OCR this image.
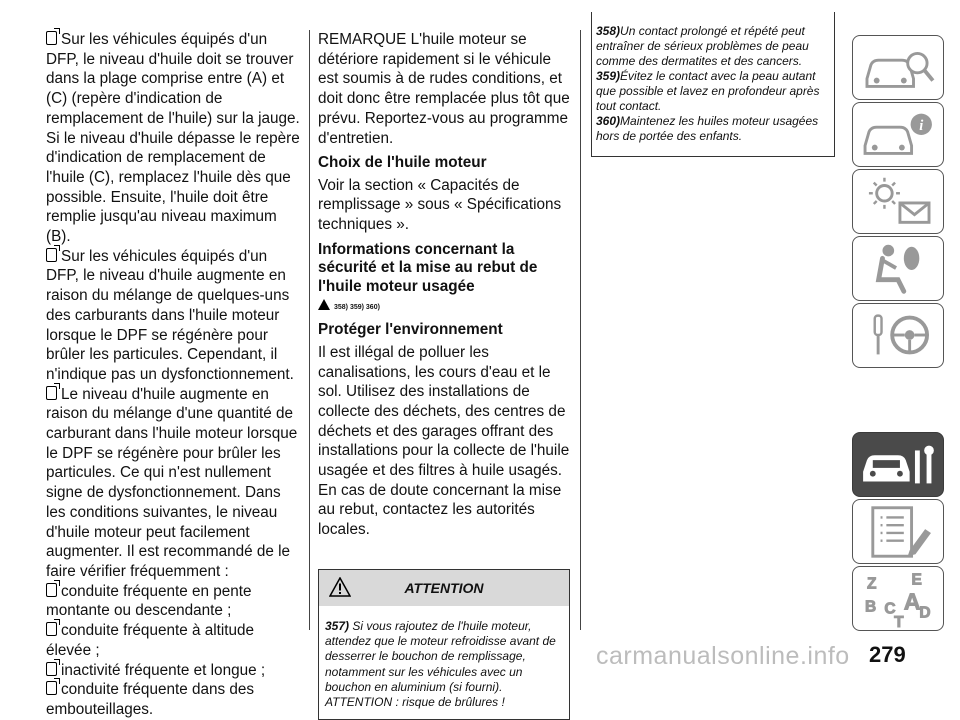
Sur les véhicules équipés d'un DFP, le niveau d'huile doit se trouver dans la plage comprise entre (A) et (C) (repère d'indication de remplacement de l'huile) sur la jauge. Si le niveau d'huile dépasse le repère d'indication de remplacement de l'huile (C), remplacez l'huile dès que possible. Ensuite, l'huile doit être remplie jusqu'au niveau maximum (B).

Sur les véhicules équipés d'un DFP, le niveau d'huile augmente en raison du mélange de quelques-uns des carburants dans l'huile moteur lorsque le DPF se régénère pour brûler les particules. Cependant, il n'indique pas un dysfonctionnement.

Le niveau d'huile augmente en raison du mélange d'une quantité de carburant dans l'huile moteur lorsque le DPF se régénère pour brûler les particules. Ce qui n'est nullement signe de dysfonctionnement. Dans les conditions suivantes, le niveau d'huile moteur peut facilement augmenter. Il est recommandé de le faire vérifier fréquemment :

conduite fréquente en pente montante ou descendante ;

conduite fréquente à altitude élevée ;

inactivité fréquente et longue ;

conduite fréquente dans des embouteillages.

REMARQUE L'huile moteur se détériore rapidement si le véhicule est soumis à de rudes conditions, et doit donc être remplacée plus tôt que prévu. Reportez-vous au programme d'entretien.

Choix de l'huile moteur

Voir la section « Capacités de remplissage » sous « Spécifications techniques ».

Informations concernant la sécurité et la mise au rebut de l'huile moteur usagée
358) 359) 360)
Protéger l'environnement

Il est illégal de polluer les canalisations, les cours d'eau et le sol. Utilisez des installations de collecte des déchets, des centres de déchets et des garages offrant des installations pour la collecte de l'huile usagée et des filtres à huile usagés. En cas de doute concernant la mise au rebut, contactez les autorités locales.

ATTENTION
357) Si vous rajoutez de l'huile moteur, attendez que le moteur refroidisse avant de desserrer le bouchon de remplissage, notamment sur les véhicules avec un bouchon en aluminium (si fourni). ATTENTION : risque de brûlures !

358)Un contact prolongé et répété peut entraîner de sérieux problèmes de peau comme des dermatites et des cancers.

359)Évitez le contact avec la peau autant que possible et lavez en profondeur après tout contact.

360)Maintenez les huiles moteur usagées hors de portée des enfants.

i
Z E
B A
C D
T
carmanualsonline.info 279
